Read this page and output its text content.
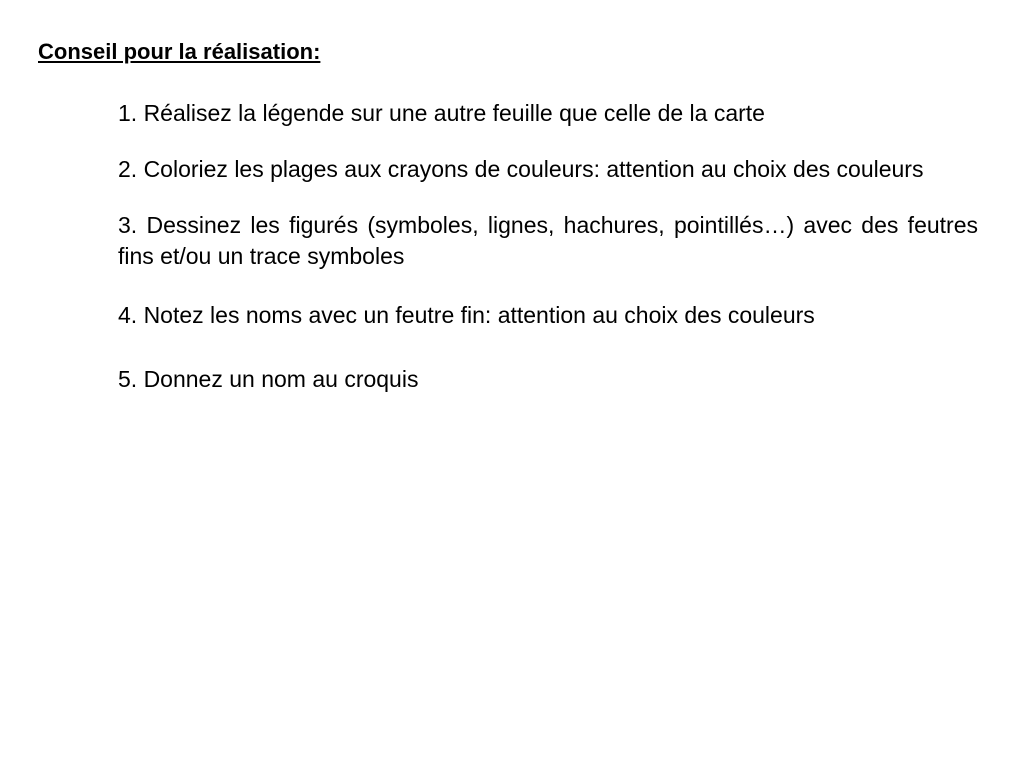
Conseil pour la réalisation:

1. Réalisez la légende sur une autre feuille que celle de la carte

2. Coloriez les plages aux crayons de couleurs: attention au choix des couleurs

3. Dessinez les figurés (symboles, lignes, hachures, pointillés…) avec des feutres fins et/ou un trace symboles

4. Notez les noms avec un feutre fin: attention au choix des couleurs

5. Donnez un nom au croquis
